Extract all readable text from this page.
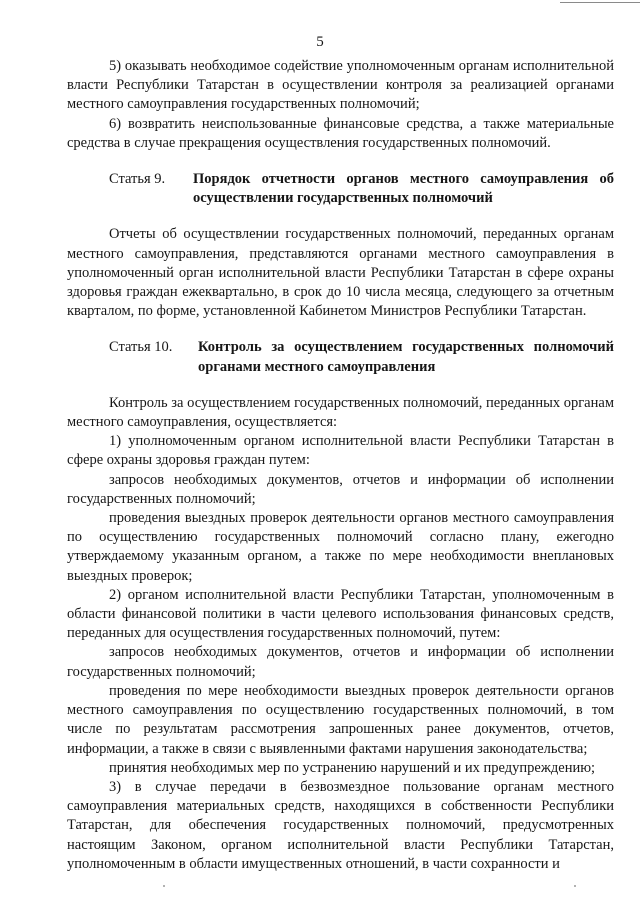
5

5) оказывать необходимое содействие уполномоченным органам исполнительной власти Республики Татарстан в осуществлении контроля за реализацией органами местного самоуправления государственных полномочий;

6) возвратить неиспользованные финансовые средства, а также материальные средства в случае прекращения осуществления государственных полномочий.

Статья 9.	Порядок отчетности органов местного самоуправления об осуществлении государственных полномочий

Отчеты об осуществлении государственных полномочий, переданных органам местного самоуправления, представляются органами местного самоуправления в уполномоченный орган исполнительной власти Республики Татарстан в сфере охраны здоровья граждан ежеквартально, в срок до 10 числа месяца, следующего за отчетным кварталом, по форме, установленной Кабинетом Министров Республики Татарстан.

Статья 10.	Контроль за осуществлением государственных полномочий органами местного самоуправления

Контроль за осуществлением государственных полномочий, переданных органам местного самоуправления, осуществляется:

1) уполномоченным органом исполнительной власти Республики Татарстан в сфере охраны здоровья граждан путем:

запросов необходимых документов, отчетов и информации об исполнении государственных полномочий;

проведения выездных проверок деятельности органов местного самоуправления по осуществлению государственных полномочий согласно плану, ежегодно утверждаемому указанным органом, а также по мере необходимости внеплановых выездных проверок;

2) органом исполнительной власти Республики Татарстан, уполномоченным в области финансовой политики в части целевого использования финансовых средств, переданных для осуществления государственных полномочий, путем:

запросов необходимых документов, отчетов и информации об исполнении государственных полномочий;

проведения по мере необходимости выездных проверок деятельности органов местного самоуправления по осуществлению государственных полномочий, в том числе по результатам рассмотрения запрошенных ранее документов, отчетов, информации, а также в связи с выявленными фактами нарушения законодательства;

принятия необходимых мер по устранению нарушений и их предупреждению;

3) в случае передачи в безвозмездное пользование органам местного самоуправления материальных средств, находящихся в собственности Республики Татарстан, для обеспечения государственных полномочий, предусмотренных настоящим Законом, органом исполнительной власти Республики Татарстан, уполномоченным в области имущественных отношений, в части сохранности и
